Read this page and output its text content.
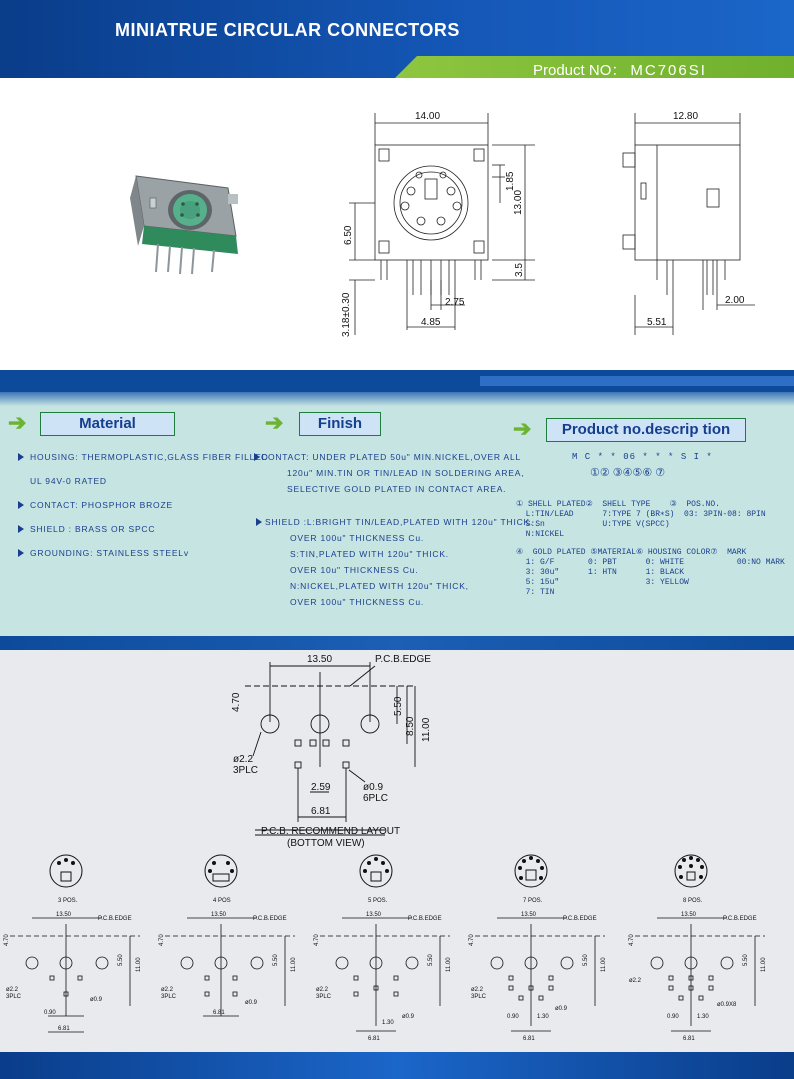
MINIATRUE CIRCULAR CONNECTORS
Product NO： MC706SI
14.00
13.00
1.85
6.50
3.5
2.75
4.85
3.18±0.30
12.80
2.00
5.51
➔	Material	➔	Finish	➔	Product no.descrip tion
HOUSING: THERMOPLASTIC,GLASS FIBER FILLED
UL 94V-0 RATED
CONTACT: PHOSPHOR BROZE
SHIELD : BRASS OR SPCC
GROUNDING: STAINLESS STEELv
CONTACT: UNDER PLATED 50u" MIN.NICKEL,OVER ALL
120u" MIN.TIN OR TIN/LEAD IN SOLDERING AREA,
SELECTIVE GOLD PLATED IN CONTACT AREA.
SHIELD :L:BRIGHT TIN/LEAD,PLATED WITH 120u" THICK.
OVER 100u" THICKNESS Cu.
S:TIN,PLATED WITH 120u" THICK.
OVER 10u" THICKNESS Cu.
N:NICKEL,PLATED WITH 120u" THICK,
OVER 100u" THICKNESS Cu.
M C * * 06 * * * S I *
①② ③④⑤⑥ ⑦
① SHELL PLATED②  SHELL TYPE    ③  POS.NO.
L:TIN/LEAD      7:TYPE 7 (BR∗S)  03: 3PIN-08: 8PIN
S:Sn            U:TYPE V(SPCC)
N:NICKEL
④  GOLD PLATED ⑤MATERIAL⑥ HOUSING COLOR⑦  MARK
1: G/F       0: PBT      0: WHITE           00:NO MARK
3: 30u"      1: HTN      1: BLACK
5: 15u"                  3: YELLOW
7: TIN
13.50	P.C.B.EDGE
4.70	5.50
8.50 11.00
ø2.2
3PLC
ø0.9
6PLC
2.59
6.81
P.C.B. RECOMMEND LAYOUT
(BOTTOM VIEW)
3 POS.
13.50
P.C.B.EDGE
4.70
5.50 11.00
ø2.2
3PLC	ø0.9
0.90
6.81
4 POS
13.50
P.C.B.EDGE
4.70
5.50 11.00
ø2.2
3PLC
ø0.9
6.81
5 POS.
13.50
P.C.B.EDGE
4.70
5.50 11.00
ø2.2
3PLC
ø0.9
1.30
6.81
7 POS.
13.50
P.C.B.EDGE
4.70
5.50 11.00
ø2.2
3PLC
ø0.9
0.90	1.30
6.81
8 POS.
13.50
P.C.B.EDGE
4.70
5.50 11.00
ø2.2
ø0.9X8
0.90	1.30
6.81
